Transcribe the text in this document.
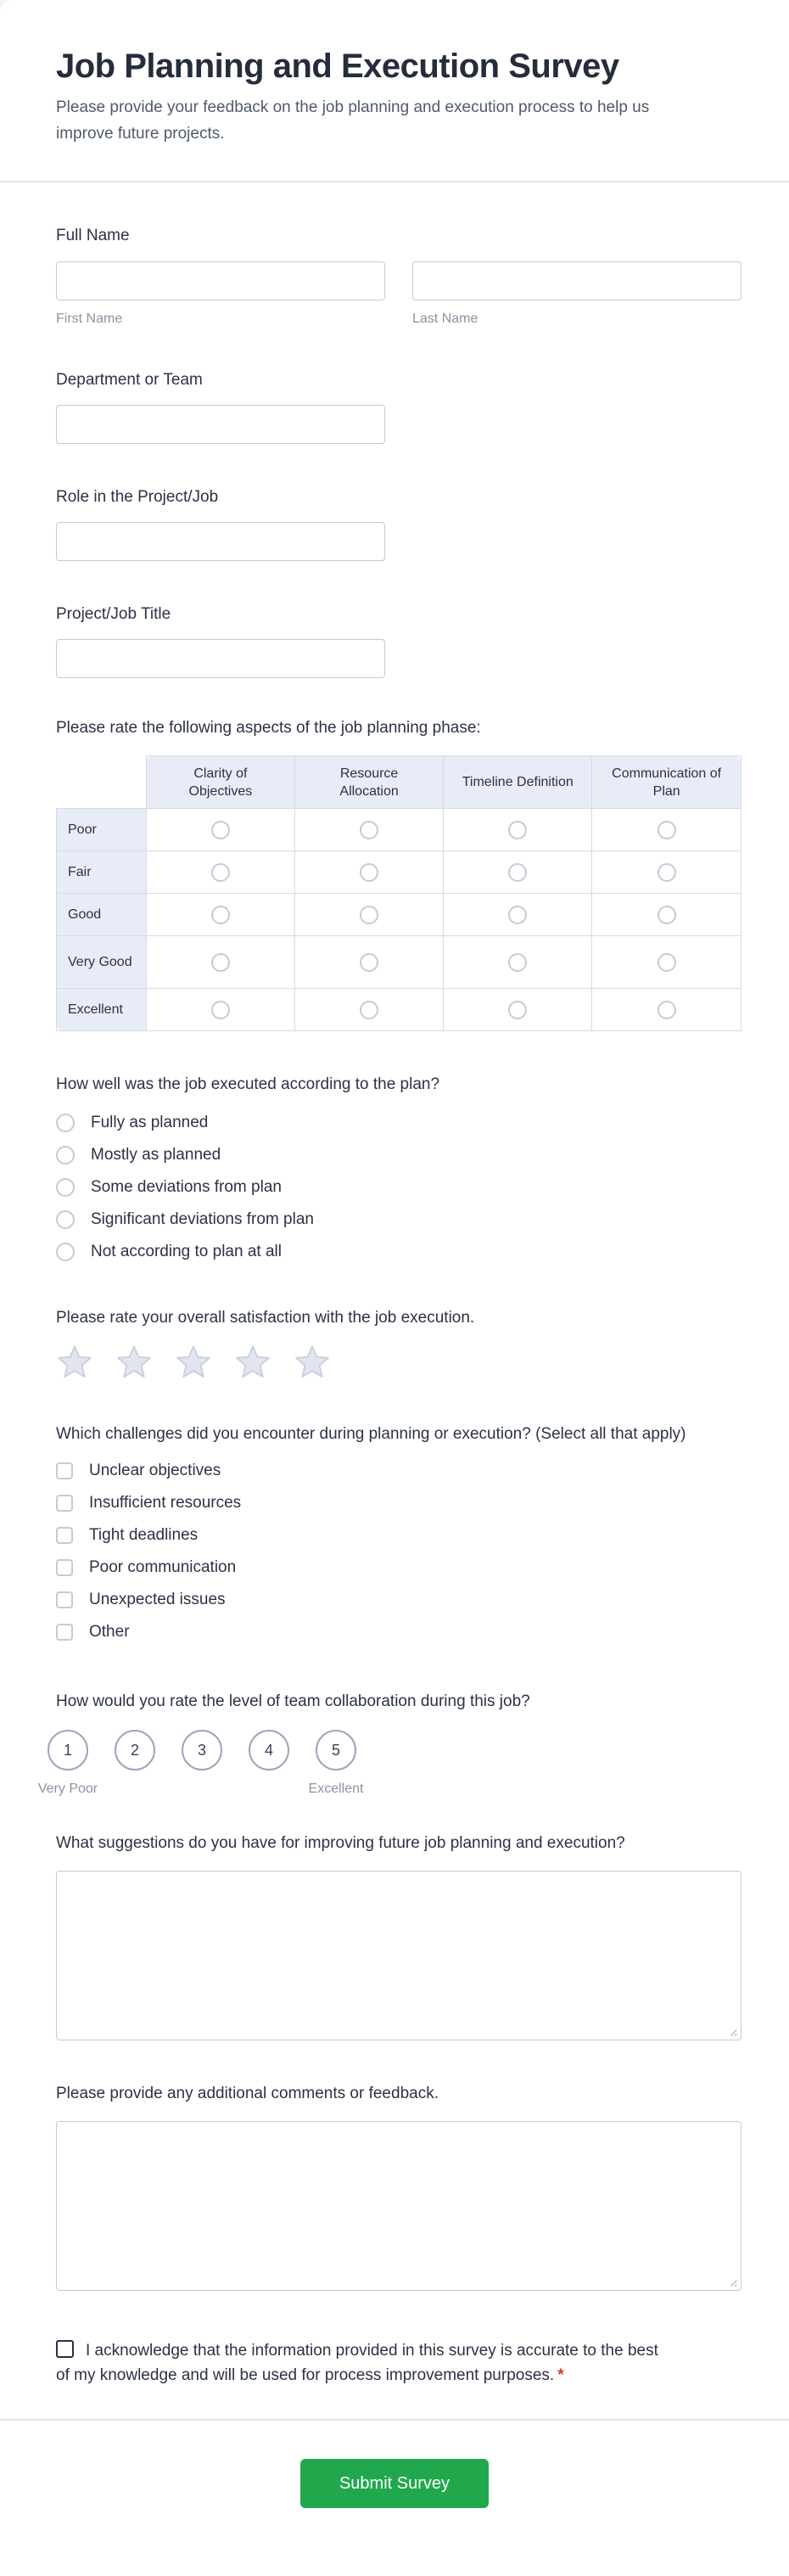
Job Planning and Execution Survey

Please provide your feedback on the job planning and execution process to help us improve future projects.

Full Name
First Name	Last Name
Department or Team
Role in the Project/Job
Project/Job Title
Please rate the following aspects of the job planning phase:
	Clarity of Objectives	Resource Allocation	Timeline Definition	Communication of Plan
Poor				
Fair				
Good				
Very Good				
Excellent				
How well was the job executed according to the plan?
Fully as planned
Mostly as planned
Some deviations from plan
Significant deviations from plan
Not according to plan at all
Please rate your overall satisfaction with the job execution.
Which challenges did you encounter during planning or execution? (Select all that apply)
Unclear objectives
Insufficient resources
Tight deadlines
Poor communication
Unexpected issues
Other
How would you rate the level of team collaboration during this job?
1	2	3	4	5
Very Poor	Excellent
What suggestions do you have for improving future job planning and execution?
Please provide any additional comments or feedback.
I acknowledge that the information provided in this survey is accurate to the best of my knowledge and will be used for process improvement purposes. *
Submit Survey
